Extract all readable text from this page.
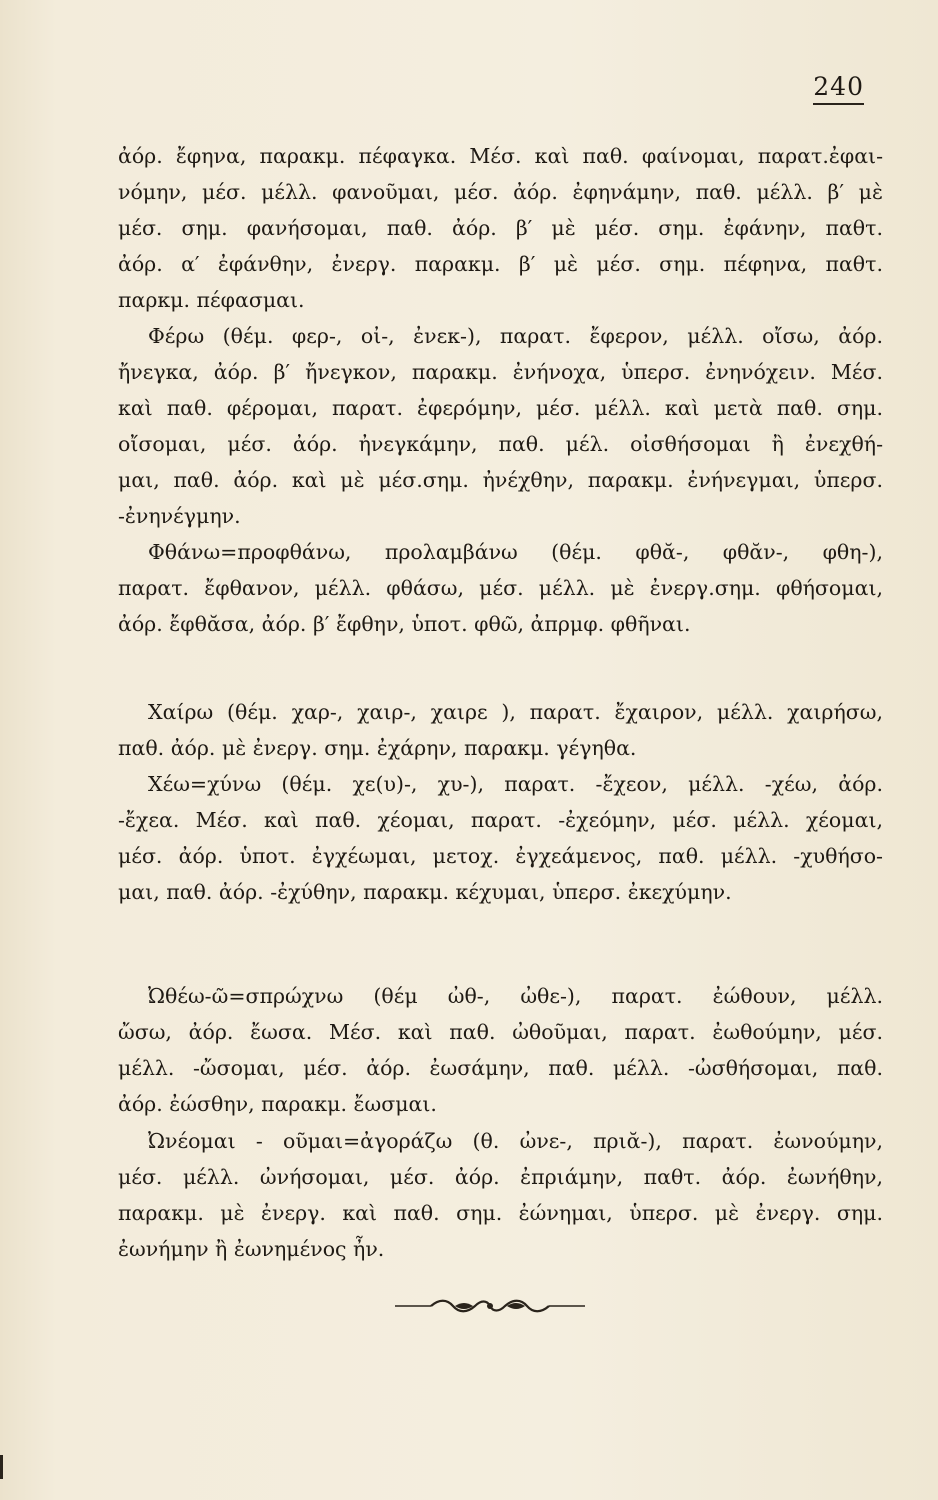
240
ἀόρ. ἔφηνα, παρακμ. πέφαγκα. Μέσ. καὶ παθ. φαίνομαι, παρατ.ἐφαι-
νόμην, μέσ. μέλλ. φανοῦμαι, μέσ. ἀόρ. ἐφηνάμην, παθ. μέλλ. β′ μὲ
μέσ. σημ. φανήσομαι, παθ. ἀόρ. β′ μὲ μέσ. σημ. ἐφάνην, παθτ.
ἀόρ. α′ ἐφάνθην, ἐνεργ. παρακμ. β′ μὲ μέσ. σημ. πέφηνα, παθτ.
παρκμ. πέφασμαι.
Φέρω (θέμ. φερ-, οἰ-, ἐνεκ-), παρατ. ἔφερον, μέλλ. οἴσω, ἀόρ.
ἤνεγκα, ἀόρ. β′ ἤνεγκον, παρακμ. ἐνήνοχα, ὑπερσ. ἐνηνόχειν. Μέσ.
καὶ παθ. φέρομαι, παρατ. ἐφερόμην, μέσ. μέλλ. καὶ μετὰ παθ. σημ.
οἴσομαι, μέσ. ἀόρ. ἠνεγκάμην, παθ. μέλ. οἰσθήσομαι ἢ ἐνεχθή-
μαι, παθ. ἀόρ. καὶ μὲ μέσ.σημ. ἠνέχθην, παρακμ. ἐνήνεγμαι, ὑπερσ.
-ἐνηνέγμην.
Φθάνω=προφθάνω, προλαμβάνω (θέμ. φθᾰ-, φθᾰν-, φθη-),
παρατ. ἔφθανον, μέλλ. φθάσω, μέσ. μέλλ. μὲ ἐνεργ.σημ. φθήσομαι,
ἀόρ. ἔφθᾰσα, ἀόρ. β′ ἔφθην, ὑποτ. φθῶ, ἀπρμφ. φθῆναι.
Χαίρω (θέμ. χαρ-, χαιρ-, χαιρε ), παρατ. ἔχαιρον, μέλλ. χαιρήσω,
παθ. ἀόρ. μὲ ἐνεργ. σημ. ἐχάρην, παρακμ. γέγηθα.
Χέω=χύνω (θέμ. χε(υ)-, χυ-), παρατ. -ἔχεον, μέλλ. -χέω, ἀόρ.
-ἔχεα. Μέσ. καὶ παθ. χέομαι, παρατ. -ἐχεόμην, μέσ. μέλλ. χέομαι,
μέσ. ἀόρ. ὑποτ. ἐγχέωμαι, μετοχ. ἐγχεάμενος, παθ. μέλλ. -χυθήσο-
μαι, παθ. ἀόρ. -ἐχύθην, παρακμ. κέχυμαι, ὑπερσ. ἐκεχύμην.
Ὠθέω-ῶ=σπρώχνω (θέμ ὠθ-, ὠθε-), παρατ. ἐώθουν, μέλλ.
ὤσω, ἀόρ. ἔωσα. Μέσ. καὶ παθ. ὠθοῦμαι, παρατ. ἐωθούμην, μέσ.
μέλλ. -ὤσομαι, μέσ. ἀόρ. ἐωσάμην, παθ. μέλλ. -ὠσθήσομαι, παθ.
ἀόρ. ἐώσθην, παρακμ. ἔωσμαι.
Ὠνέομαι - οῦμαι=ἀγοράζω (θ. ὠνε-, πριᾰ-), παρατ. ἐωνούμην,
μέσ. μέλλ. ὠνήσομαι, μέσ. ἀόρ. ἐπριάμην, παθτ. ἀόρ. ἐωνήθην,
παρακμ. μὲ ἐνεργ. καὶ παθ. σημ. ἐώνημαι, ὑπερσ. μὲ ἐνεργ. σημ.
ἐωνήμην ἢ ἐωνημένος ἦν.
